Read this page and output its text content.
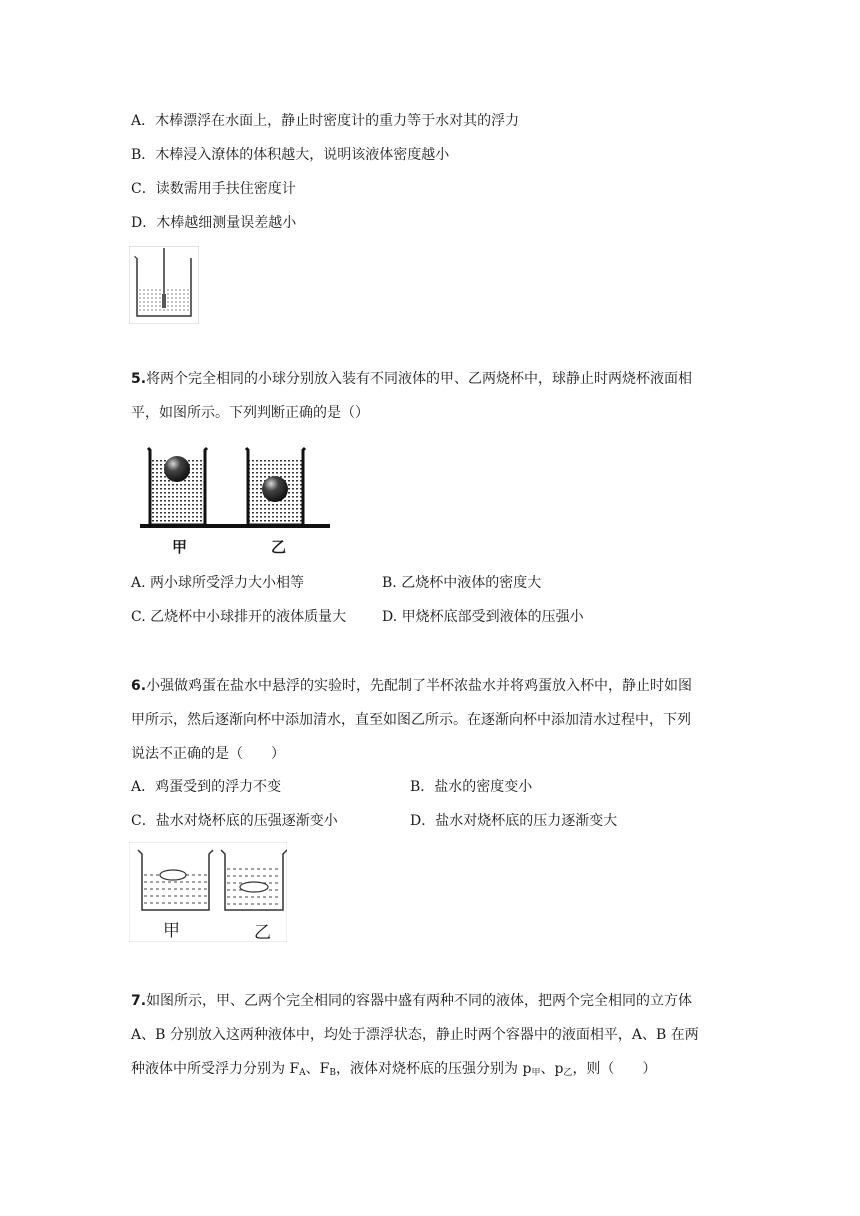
A．木棒漂浮在水面上，静止时密度计的重力等于水对其的浮力
B．木棒浸入潦体的体积越大，说明该液体密度越小
C．读数需用手扶住密度计
D．木棒越细测量误差越小
5.将两个完全相同的小球分别放入装有不同液体的甲、乙两烧杯中，球静止时两烧杯液面相
平，如图所示。下列判断正确的是（）
甲	乙
A. 两小球所受浮力大小相等	B. 乙烧杯中液体的密度大
C. 乙烧杯中小球排开的液体质量大	D. 甲烧杯底部受到液体的压强小
6.小强做鸡蛋在盐水中悬浮的实验时，先配制了半杯浓盐水并将鸡蛋放入杯中，静止时如图
甲所示，然后逐渐向杯中添加清水，直至如图乙所示。在逐渐向杯中添加清水过程中，下列
说法不正确的是（　　）
A．鸡蛋受到的浮力不变	B．盐水的密度变小
C．盐水对烧杯底的压强逐渐变小	D．盐水对烧杯底的压力逐渐变大
甲	乙
7.如图所示，甲、乙两个完全相同的容器中盛有两种不同的液体，把两个完全相同的立方体
A、B 分别放入这两种液体中，均处于漂浮状态，静止时两个容器中的液面相平，A、B 在两
种液体中所受浮力分别为 $F_A$、$F_B$，液体对烧杯底的压强分别为 $p_甲$、$p_乙$，则（　　）
